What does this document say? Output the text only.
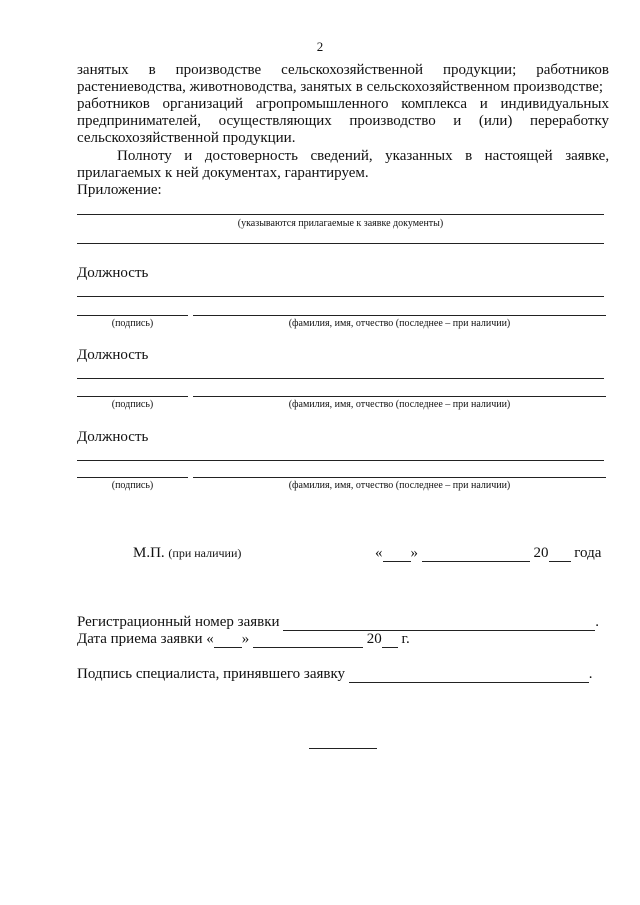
2
занятых в производстве сельскохозяйственной продукции; работников
растениеводства, животноводства, занятых в сельскохозяйственном производстве;
работников организаций агропромышленного комплекса и индивидуальных
предпринимателей, осуществляющих производство и (или) переработку
сельскохозяйственной продукции.
Полноту и достоверность сведений, указанных в настоящей заявке,
прилагаемых к ней документах, гарантируем.
Приложение:
(указываются прилагаемые к заявке документы)
Должность
(подпись)	(фамилия, имя, отчество (последнее – при наличии)
Должность
(подпись)	(фамилия, имя, отчество (последнее – при наличии)
Должность
(подпись)	(фамилия, имя, отчество (последнее – при наличии)
М.П. (при наличии)	« »	20 года
Регистрационный номер заявки	.
Дата приема заявки « »	20 г.
Подпись специалиста, принявшего заявку	.
